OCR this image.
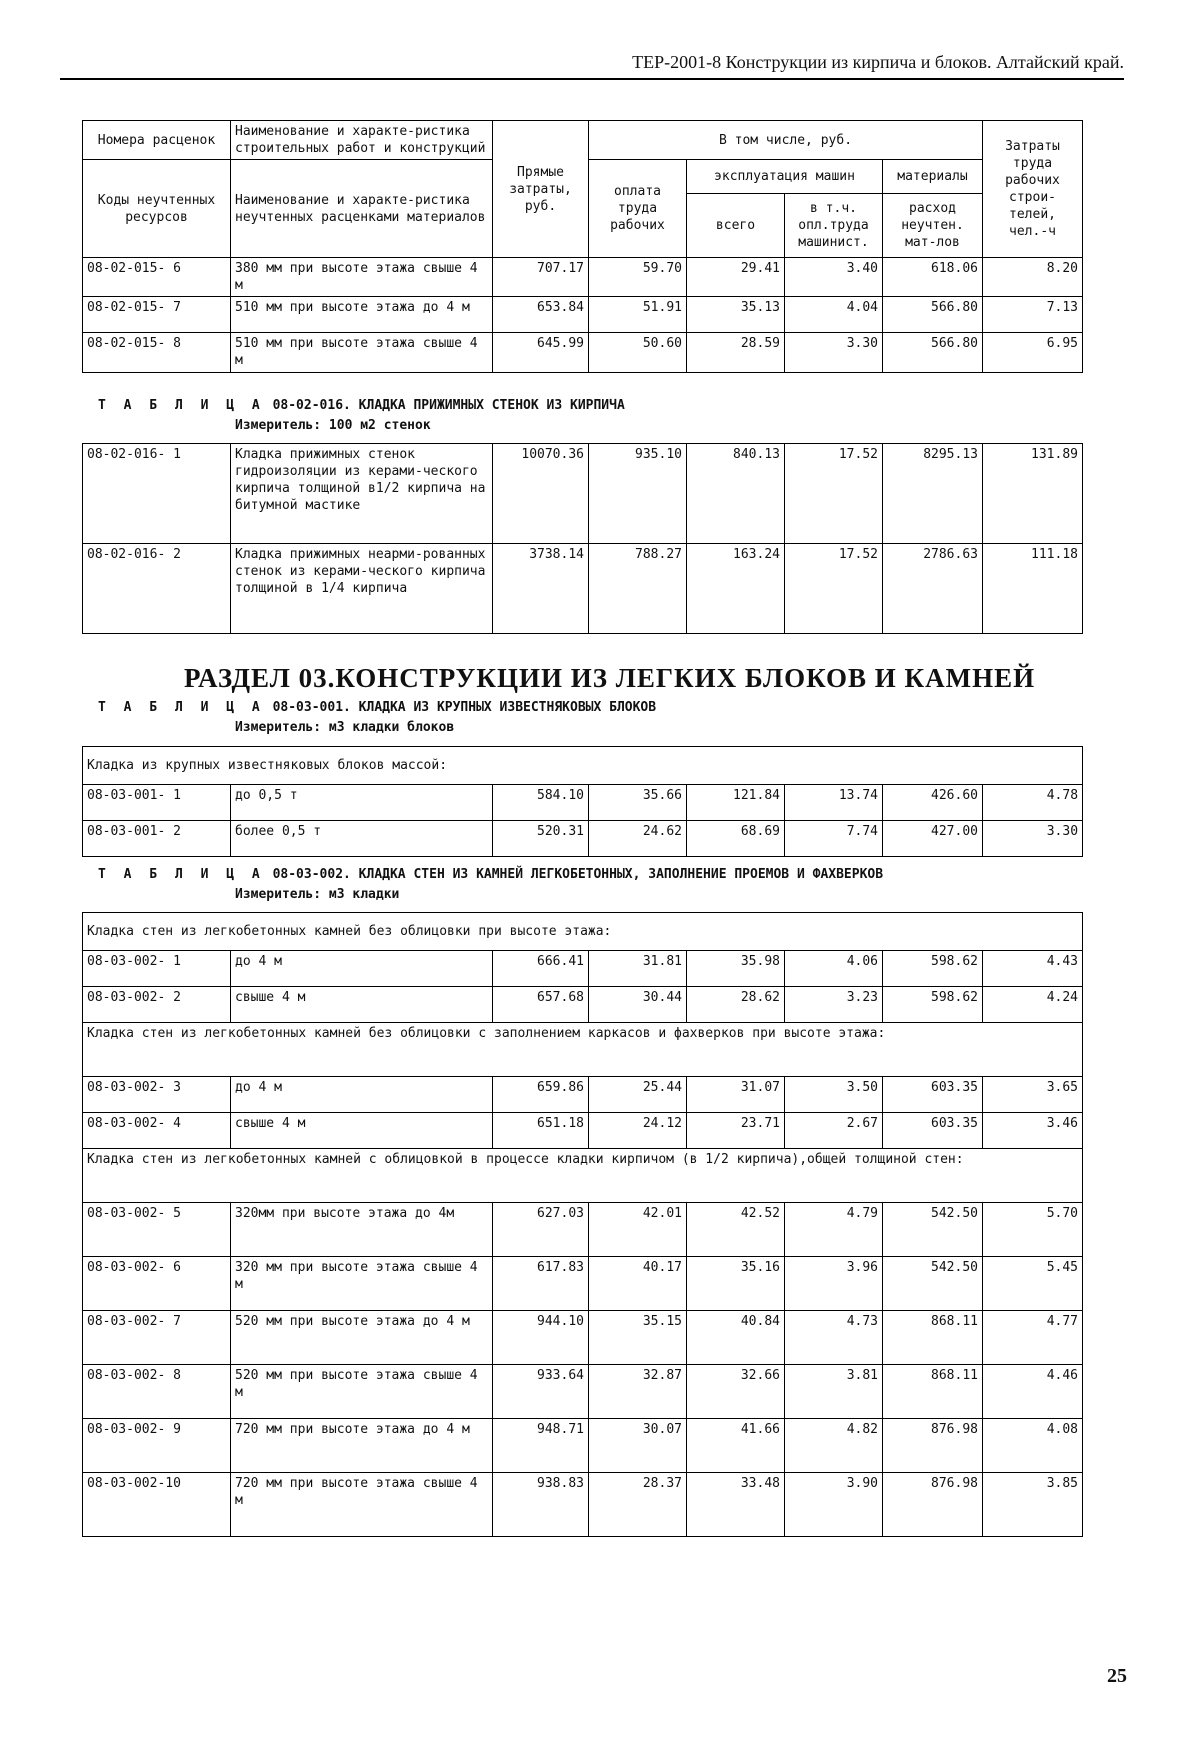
ТЕР-2001-8 Конструкции из кирпича и блоков. Алтайский край.
Номера расценок	Наименование и характе-ристика строительных работ и конструкций	Прямые затраты, руб.	В том числе, руб.				Затраты труда рабочих строи-телей, чел.-ч
Коды неучтенных ресурсов	Наименование и характе-ристика неучтенных расценками материалов		оплата труда рабочих	эксплуатация машин		материалы	
				всего	в т.ч. опл.труда машинист.	расход неучтен. мат-лов	
08-02-015- 6	380 мм при высоте этажа свыше 4 м	707.17	59.70	29.41	3.40	618.06	8.20
08-02-015- 7	510 мм при высоте этажа до 4 м	653.84	51.91	35.13	4.04	566.80	7.13
08-02-015- 8	510 мм при высоте этажа свыше 4 м	645.99	50.60	28.59	3.30	566.80	6.95
Т А Б Л И Ц А 08-02-016. КЛАДКА ПРИЖИМНЫХ СТЕНОК ИЗ КИРПИЧА
Измеритель: 100 м2 стенок
08-02-016- 1	Кладка прижимных стенок гидроизоляции из керами-ческого кирпича толщиной в1/2 кирпича на битумной мастике	10070.36	935.10	840.13	17.52	8295.13	131.89
08-02-016- 2	Кладка прижимных неарми-рованных стенок из керами-ческого кирпича толщиной в 1/4 кирпича	3738.14	788.27	163.24	17.52	2786.63	111.18
РАЗДЕЛ 03.КОНСТРУКЦИИ ИЗ ЛЕГКИХ БЛОКОВ И КАМНЕЙ
Т А Б Л И Ц А 08-03-001. КЛАДКА ИЗ КРУПНЫХ ИЗВЕСТНЯКОВЫХ БЛОКОВ
Измеритель: м3 кладки блоков
Кладка из крупных известняковых блоков массой:							
08-03-001- 1	до 0,5 т	584.10	35.66	121.84	13.74	426.60	4.78
08-03-001- 2	более 0,5 т	520.31	24.62	68.69	7.74	427.00	3.30
Т А Б Л И Ц А 08-03-002. КЛАДКА СТЕН ИЗ КАМНЕЙ ЛЕГКОБЕТОННЫХ, ЗАПОЛНЕНИЕ ПРОЕМОВ И ФАХВЕРКОВ
Измеритель: м3 кладки
Кладка стен из легкобетонных камней без облицовки при высоте этажа:							
08-03-002- 1	до 4 м	666.41	31.81	35.98	4.06	598.62	4.43
08-03-002- 2	свыше 4 м	657.68	30.44	28.62	3.23	598.62	4.24
Кладка стен из легкобетонных камней без облицовки с заполнением каркасов и фахверков при высоте этажа:							
08-03-002- 3	до 4 м	659.86	25.44	31.07	3.50	603.35	3.65
08-03-002- 4	свыше 4 м	651.18	24.12	23.71	2.67	603.35	3.46
Кладка стен из легкобетонных камней с облицовкой в процессе кладки кирпичом (в 1/2 кирпича),общей толщиной стен:							
08-03-002- 5	320мм при высоте этажа до 4м	627.03	42.01	42.52	4.79	542.50	5.70
08-03-002- 6	320 мм при высоте этажа свыше 4 м	617.83	40.17	35.16	3.96	542.50	5.45
08-03-002- 7	520 мм при высоте этажа до 4 м	944.10	35.15	40.84	4.73	868.11	4.77
08-03-002- 8	520 мм при высоте этажа свыше 4 м	933.64	32.87	32.66	3.81	868.11	4.46
08-03-002- 9	720 мм при высоте этажа до 4 м	948.71	30.07	41.66	4.82	876.98	4.08
08-03-002-10	720 мм при высоте этажа свыше 4 м	938.83	28.37	33.48	3.90	876.98	3.85
25
